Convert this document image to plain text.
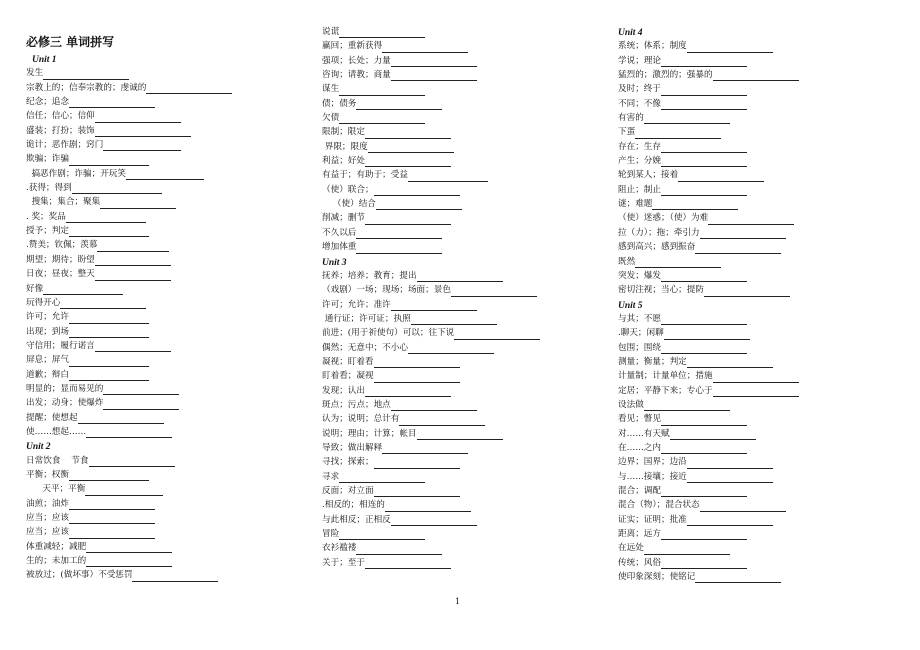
必修三 单词拼写
Unit 1
发生
宗教上的；信奉宗教的；虔诚的
纪念；追念
信任；信心；信仰
盛装；打扮；装饰
诡计；恶作剧；窍门
欺骗；诈骗
搞恶作剧；诈骗；开玩笑
.获得；得到
搜集；集合；聚集
. 奖；奖品
授予；判定
.赞美；钦佩；羡慕
期望；期待；盼望
日夜；昼夜；整天
好像
玩得开心
许可；允许
出现；到场
守信用；履行诺言
屏息；屏气
道歉；辩白
明显的；显而易见的
出发；动身；使爆炸
提醒；使想起
使……想起……
Unit 2
日常饮食    节食
平衡；权衡
天平；平衡
油煎；油炸
应当；应该
应当；应该
体重减轻；减肥
生的；未加工的
被放过；(做坏事）不受惩罚
说谎
赢回；重新获得
强项；长处；力量
咨询；请教；商量
谋生
债；债务
欠债
限制；限定
界限；限度
利益；好处
有益于；有助于；受益
（使）联合；
（使）结合
削减；删节
不久以后
增加体重
Unit 3
抚养；培养；教育；提出
（戏剧）一场；现场；场面；景色
许可；允许；准许
通行证；许可证；执照
前进；(用于祈使句）可以；往下说
偶然；无意中；不小心
凝视；盯着看
盯着看；凝视
发现；认出
斑点；污点；地点
认为；说明；总计有
说明；理由；计算；帐目
导致；做出解释
寻找；探索；
寻求
反面；对立面
.相反的；相连的
与此相反；正相反
冒险
衣衫褴褛
关于；至于
Unit 4
系统；体系；制度
学说；理论
猛烈的；激烈的；强暴的
及时；终于
不同；不像
有害的
下蛋
存在；生存
产生；分娩
轮到某人；接着
阻止；制止
谜；难题
（使）迷惑；（使）为难
拉（力）；拖；牵引力
感到高兴；感到振奋
既然
突发；爆发
密切注视；当心；提防
Unit 5
与其；不愿
.聊天；闲聊
包围；围绕
测量；衡量；判定
计量制；计量单位；措施
定居；平静下来；专心于
设法做
看见；瞥见
对……有天赋
在……之内
边界；国界；边沿
与……接壤；接近
混合；调配
混合（物）；混合状态
证实；证明；批准
距离；远方
在远处
传统；风俗
使印象深刻；使铭记
1
